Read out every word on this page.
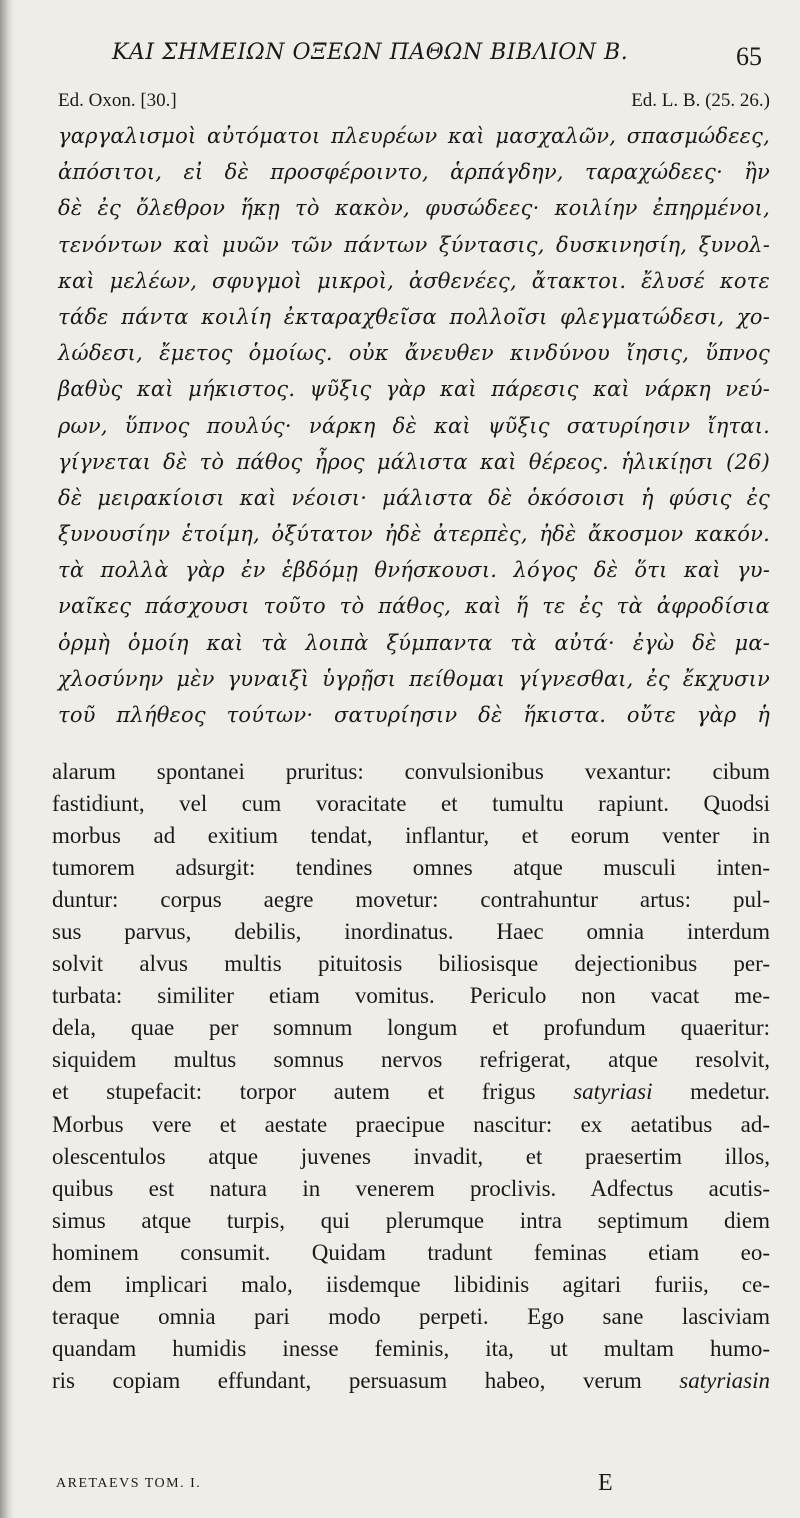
ΚΑΙ ΣΗΜΕΙΩΝ ΟΞΕΩΝ ΠΑΘΩΝ ΒΙΒΛΙΟΝ Β.	65
Ed. Oxon. [30.]	Ed. L. B. (25. 26.)
γαργαλισμοὶ αὐτόματοι πλευρέων καὶ μασχαλῶν, σπασμώδεες,
ἀπόσιτοι, εἰ δὲ προσφέροιντο, ἁρπάγδην, ταραχώδεες· ἢν
δὲ ἐς ὄλεθρον ἥκῃ τὸ κακὸν, φυσώδεες· κοιλίην ἐπηρμένοι,
τενόντων καὶ μυῶν τῶν πάντων ξύντασις, δυσκινησίη, ξυνολ-
καὶ μελέων, σφυγμοὶ μικροὶ, ἀσθενέες, ἄτακτοι. ἔλυσέ κοτε
τάδε πάντα κοιλίη ἐκταραχθεῖσα πολλοῖσι φλεγματώδεσι, χο-
λώδεσι, ἔμετος ὁμοίως. οὐκ ἄνευθεν κινδύνου ἴησις, ὕπνος
βαθὺς καὶ μήκιστος. ψῦξις γὰρ καὶ πάρεσις καὶ νάρκη νεύ-
ρων, ὕπνος πουλύς· νάρκη δὲ καὶ ψῦξις σατυρίησιν ἴηται.
γίγνεται δὲ τὸ πάθος ἦρος μάλιστα καὶ θέρεος. ἡλικίῃσι (26)
δὲ μειρακίοισι καὶ νέοισι· μάλιστα δὲ ὁκόσοισι ἡ φύσις ἐς
ξυνουσίην ἑτοίμη, ὀξύτατον ἠδὲ ἀτερπὲς, ἠδὲ ἄκοσμον κακόν.
τὰ πολλὰ γὰρ ἐν ἑβδόμῃ θνήσκουσι. λόγος δὲ ὅτι καὶ γυ-
ναῖκες πάσχουσι τοῦτο τὸ πάθος, καὶ ἥ τε ἐς τὰ ἀφροδίσια
ὁρμὴ ὁμοίη καὶ τὰ λοιπὰ ξύμπαντα τὰ αὐτά· ἐγὼ δὲ μα-
χλοσύνην μὲν γυναιξὶ ὑγρῇσι πείθομαι γίγνεσθαι, ἐς ἔκχυσιν
τοῦ πλήθεος τούτων· σατυρίησιν δὲ ἥκιστα. οὔτε γὰρ ἡ
alarum spontanei pruritus: convulsionibus vexantur: cibum
fastidiunt, vel cum voracitate et tumultu rapiunt. Quodsi
morbus ad exitium tendat, inflantur, et eorum venter in
tumorem adsurgit: tendines omnes atque musculi inten-
duntur: corpus aegre movetur: contrahuntur artus: pul-
sus parvus, debilis, inordinatus. Haec omnia interdum
solvit alvus multis pituitosis biliosisque dejectionibus per-
turbata: similiter etiam vomitus. Periculo non vacat me-
dela, quae per somnum longum et profundum quaeritur:
siquidem multus somnus nervos refrigerat, atque resolvit,
et stupefacit: torpor autem et frigus satyriasi medetur.
Morbus vere et aestate praecipue nascitur: ex aetatibus ad-
olescentulos atque juvenes invadit, et praesertim illos,
quibus est natura in venerem proclivis. Adfectus acutis-
simus atque turpis, qui plerumque intra septimum diem
hominem consumit. Quidam tradunt feminas etiam eo-
dem implicari malo, iisdemque libidinis agitari furiis, ce-
teraque omnia pari modo perpeti. Ego sane lasciviam
quandam humidis inesse feminis, ita, ut multam humo-
ris copiam effundant, persuasum habeo, verum satyriasin
ARETAEVS TOM. I.	E
